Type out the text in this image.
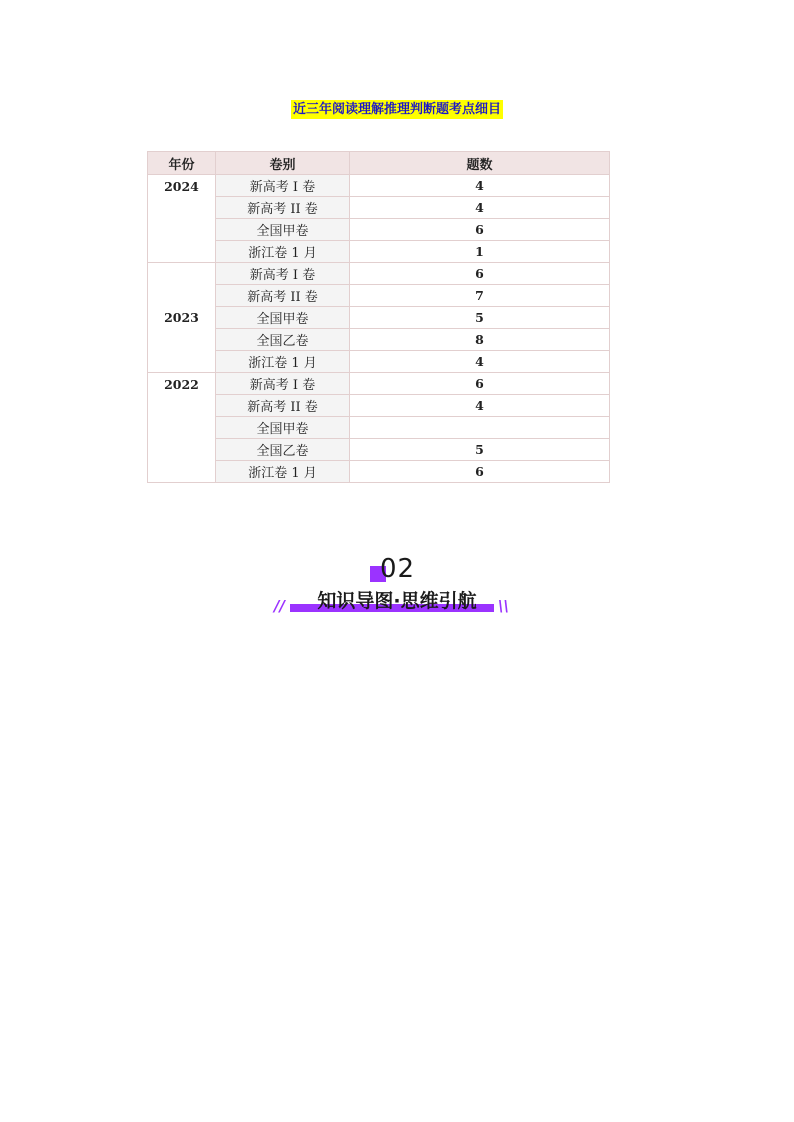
近三年阅读理解推理判断题考点细目
年份	卷别	题数
2024	新高考 I 卷	4
	新高考 II 卷	4
	全国甲卷	6
	浙江卷 1 月	1
2023	新高考 I 卷	6
	新高考 II 卷	7
	全国甲卷	5
	全国乙卷	8
	浙江卷 1 月	4
2022	新高考 I 卷	6
	新高考 II 卷	4
	全国甲卷	
	全国乙卷	5
	浙江卷 1 月	6
02
//	知识导图·思维引航	\\
